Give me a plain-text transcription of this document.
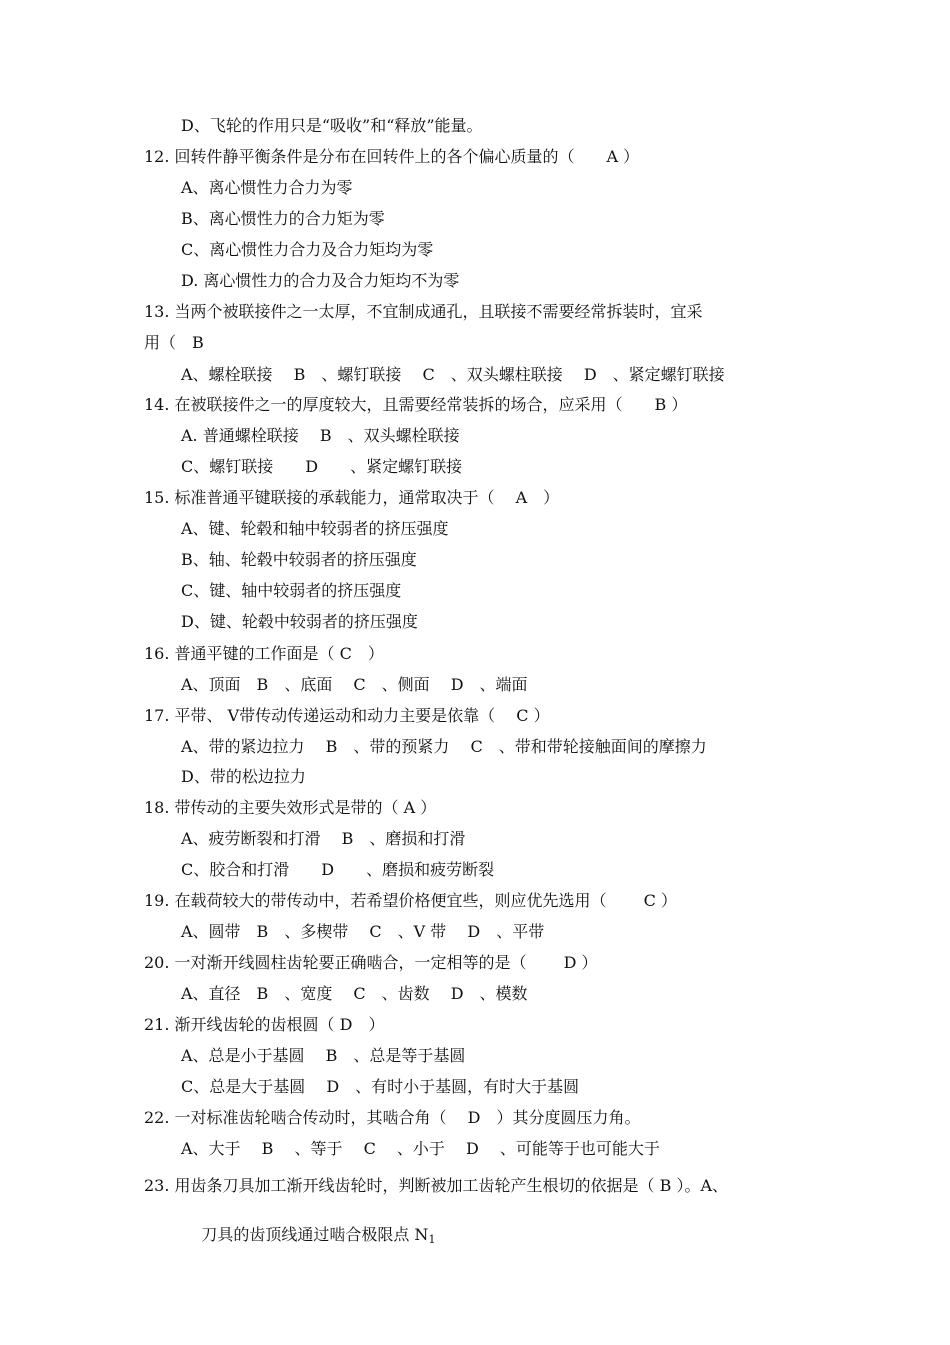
D、飞轮的作用只是“吸收”和“释放”能量。
12. 回转件静平衡条件是分布在回转件上的各个偏心质量的（　　A ）
A、离心惯性力合力为零
B、离心惯性力的合力矩为零
C、离心惯性力合力及合力矩均为零
D. 离心惯性力的合力及合力矩均不为零
13. 当两个被联接件之一太厚，不宜制成通孔，且联接不需要经常拆装时，宜采
用（　B
A、螺栓联接　 B　、螺钉联接　 C　、双头螺柱联接　 D　、紧定螺钉联接
14. 在被联接件之一的厚度较大，且需要经常装拆的场合，应采用（　　B ）
A. 普通螺栓联接　 B　、双头螺栓联接
C、螺钉联接　　D　　、紧定螺钉联接
15. 标准普通平键联接的承载能力，通常取决于（　 A　）
A、键、轮毂和轴中较弱者的挤压强度
B、轴、轮毂中较弱者的挤压强度
C、键、轴中较弱者的挤压强度
D、键、轮毂中较弱者的挤压强度
16. 普通平键的工作面是（ C　）
A、顶面　B　、底面　 C　、侧面　 D　、端面
17. 平带、 V带传动传递运动和动力主要是依靠（　 C ）
A、带的紧边拉力　 B　、带的预紧力　 C　、带和带轮接触面间的摩擦力
D、带的松边拉力
18. 带传动的主要失效形式是带的（ A ）
A、疲劳断裂和打滑　 B　、磨损和打滑
C、胶合和打滑　　D　　、磨损和疲劳断裂
19. 在载荷较大的带传动中，若希望价格便宜些，则应优先选用（　　 C ）
A、圆带　B　、多楔带　 C　、V 带　 D　、平带
20. 一对渐开线圆柱齿轮要正确啮合，一定相等的是（　　 D ）
A、直径　B　、宽度　 C　、齿数　 D　、模数
21. 渐开线齿轮的齿根圆（ D　）
A、总是小于基圆　 B　、总是等于基圆
C、总是大于基圆　 D　、有时小于基圆，有时大于基圆
22. 一对标准齿轮啮合传动时，其啮合角（　 D　）其分度圆压力角。
A、大于　 B　 、等于　 C　 、小于　 D　 、可能等于也可能大于
23. 用齿条刀具加工渐开线齿轮时，判断被加工齿轮产生根切的依据是（ B ）。A、

刀具的齿顶线通过啮合极限点 $N_1$
